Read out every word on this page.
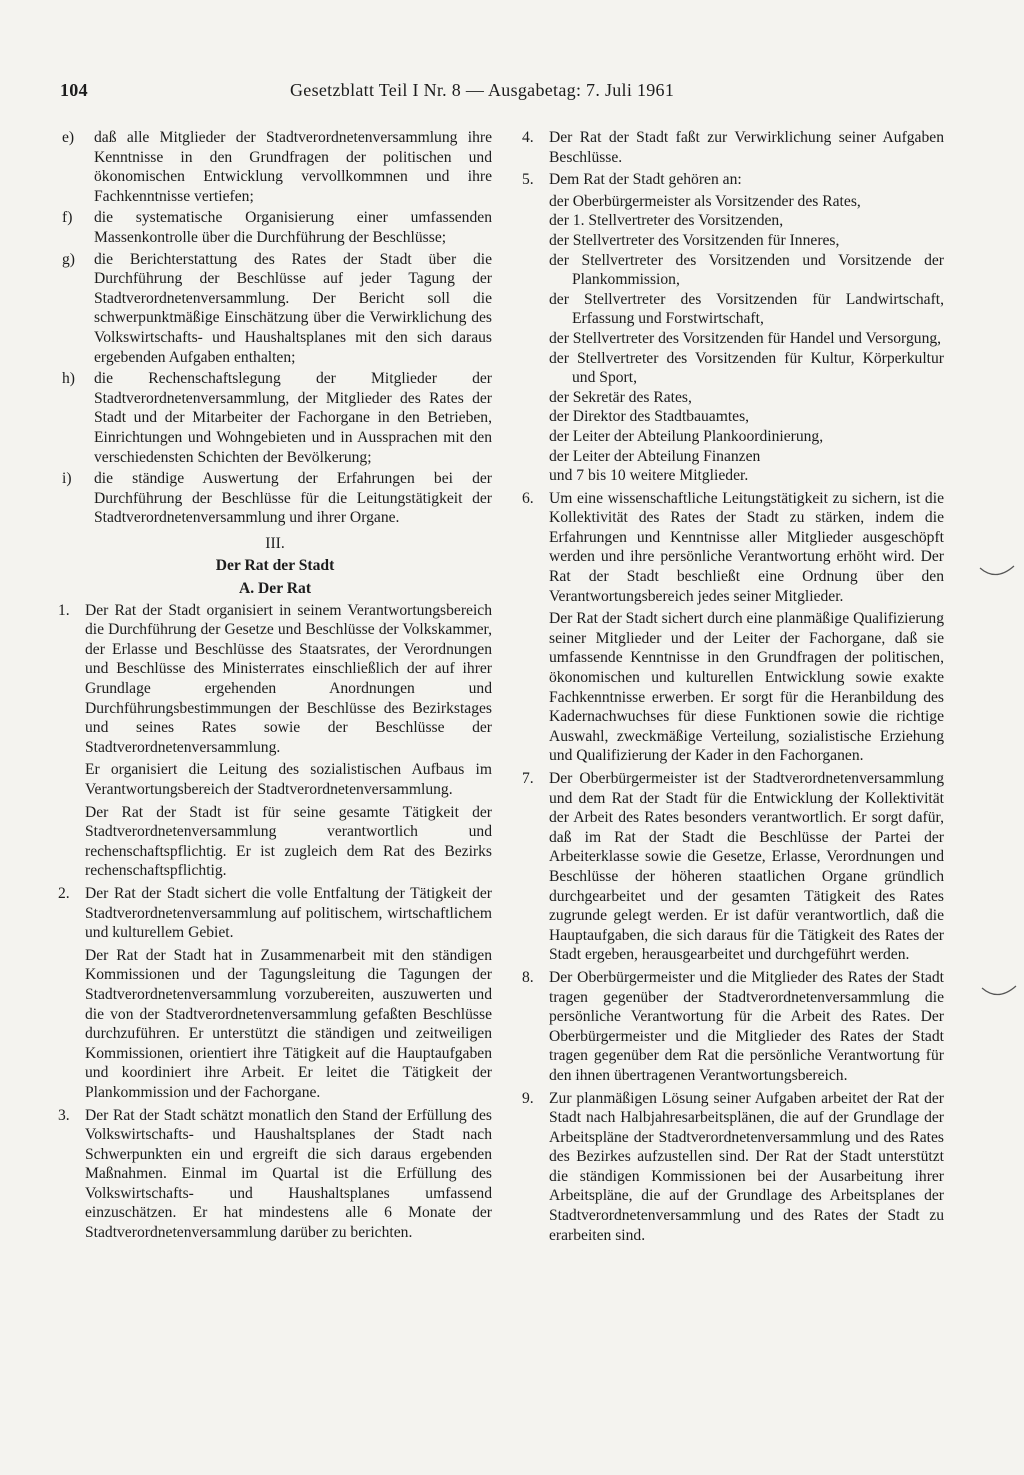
104	Gesetzblatt Teil I Nr. 8 — Ausgabetag: 7. Juli 1961
e)	daß alle Mitglieder der Stadtverordnetenversammlung ihre Kenntnisse in den Grundfragen der politischen und ökonomischen Entwicklung vervollkommnen und ihre Fachkenntnisse vertiefen;
f)	die systematische Organisierung einer umfassenden Massenkontrolle über die Durchführung der Beschlüsse;
g)	die Berichterstattung des Rates der Stadt über die Durchführung der Beschlüsse auf jeder Tagung der Stadtverordnetenversammlung. Der Bericht soll die schwerpunktmäßige Einschätzung über die Verwirklichung des Volkswirtschafts- und Haushaltsplanes mit den sich daraus ergebenden Aufgaben enthalten;
h)	die Rechenschaftslegung der Mitglieder der Stadtverordnetenversammlung, der Mitglieder des Rates der Stadt und der Mitarbeiter der Fachorgane in den Betrieben, Einrichtungen und Wohngebieten und in Aussprachen mit den verschiedensten Schichten der Bevölkerung;
i)	die ständige Auswertung der Erfahrungen bei der Durchführung der Beschlüsse für die Leitungstätigkeit der Stadtverordnetenversammlung und ihrer Organe.
III.
Der Rat der Stadt
A. Der Rat
1. Der Rat der Stadt organisiert in seinem Verantwortungsbereich die Durchführung der Gesetze und Beschlüsse der Volkskammer, der Erlasse und Beschlüsse des Staatsrates, der Verordnungen und Beschlüsse des Ministerrates einschließlich der auf ihrer Grundlage ergehenden Anordnungen und Durchführungsbestimmungen der Beschlüsse des Bezirkstages und seines Rates sowie der Beschlüsse der Stadtverordnetenversammlung.
Er organisiert die Leitung des sozialistischen Aufbaus im Verantwortungsbereich der Stadtverordnetenversammlung.
Der Rat der Stadt ist für seine gesamte Tätigkeit der Stadtverordnetenversammlung verantwortlich und rechenschaftspflichtig. Er ist zugleich dem Rat des Bezirks rechenschaftspflichtig.
2. Der Rat der Stadt sichert die volle Entfaltung der Tätigkeit der Stadtverordnetenversammlung auf politischem, wirtschaftlichem und kulturellem Gebiet.
Der Rat der Stadt hat in Zusammenarbeit mit den ständigen Kommissionen und der Tagungsleitung die Tagungen der Stadtverordnetenversammlung vorzubereiten, auszuwerten und die von der Stadtverordnetenversammlung gefaßten Beschlüsse durchzuführen. Er unterstützt die ständigen und zeitweiligen Kommissionen, orientiert ihre Tätigkeit auf die Hauptaufgaben und koordiniert ihre Arbeit. Er leitet die Tätigkeit der Plankommission und der Fachorgane.
3. Der Rat der Stadt schätzt monatlich den Stand der Erfüllung des Volkswirtschafts- und Haushaltsplanes der Stadt nach Schwerpunkten ein und ergreift die sich daraus ergebenden Maßnahmen. Einmal im Quartal ist die Erfüllung des Volkswirtschafts- und Haushaltsplanes umfassend einzuschätzen. Er hat mindestens alle 6 Monate der Stadtverordnetenversammlung darüber zu berichten.
4. Der Rat der Stadt faßt zur Verwirklichung seiner Aufgaben Beschlüsse.
5. Dem Rat der Stadt gehören an:
der Oberbürgermeister als Vorsitzender des Rates,
der 1. Stellvertreter des Vorsitzenden,
der Stellvertreter des Vorsitzenden für Inneres,
der Stellvertreter des Vorsitzenden und Vorsitzende der Plankommission,
der Stellvertreter des Vorsitzenden für Landwirtschaft, Erfassung und Forstwirtschaft,
der Stellvertreter des Vorsitzenden für Handel und Versorgung,
der Stellvertreter des Vorsitzenden für Kultur, Körperkultur und Sport,
der Sekretär des Rates,
der Direktor des Stadtbauamtes,
der Leiter der Abteilung Plankoordinierung,
der Leiter der Abteilung Finanzen
und 7 bis 10 weitere Mitglieder.
6. Um eine wissenschaftliche Leitungstätigkeit zu sichern, ist die Kollektivität des Rates der Stadt zu stärken, indem die Erfahrungen und Kenntnisse aller Mitglieder ausgeschöpft werden und ihre persönliche Verantwortung erhöht wird. Der Rat der Stadt beschließt eine Ordnung über den Verantwortungsbereich jedes seiner Mitglieder.
Der Rat der Stadt sichert durch eine planmäßige Qualifizierung seiner Mitglieder und der Leiter der Fachorgane, daß sie umfassende Kenntnisse in den Grundfragen der politischen, ökonomischen und kulturellen Entwicklung sowie exakte Fachkenntnisse erwerben. Er sorgt für die Heranbildung des Kadernachwuchses für diese Funktionen sowie die richtige Auswahl, zweckmäßige Verteilung, sozialistische Erziehung und Qualifizierung der Kader in den Fachorganen.
7. Der Oberbürgermeister ist der Stadtverordnetenversammlung und dem Rat der Stadt für die Entwicklung der Kollektivität der Arbeit des Rates besonders verantwortlich. Er sorgt dafür, daß im Rat der Stadt die Beschlüsse der Partei der Arbeiterklasse sowie die Gesetze, Erlasse, Verordnungen und Beschlüsse der höheren staatlichen Organe gründlich durchgearbeitet und der gesamten Tätigkeit des Rates zugrunde gelegt werden. Er ist dafür verantwortlich, daß die Hauptaufgaben, die sich daraus für die Tätigkeit des Rates der Stadt ergeben, herausgearbeitet und durchgeführt werden.
8. Der Oberbürgermeister und die Mitglieder des Rates der Stadt tragen gegenüber der Stadtverordnetenversammlung die persönliche Verantwortung für die Arbeit des Rates. Der Oberbürgermeister und die Mitglieder des Rates der Stadt tragen gegenüber dem Rat die persönliche Verantwortung für den ihnen übertragenen Verantwortungsbereich.
9. Zur planmäßigen Lösung seiner Aufgaben arbeitet der Rat der Stadt nach Halbjahresarbeitsplänen, die auf der Grundlage der Arbeitspläne der Stadtverordnetenversammlung und des Rates des Bezirkes aufzustellen sind. Der Rat der Stadt unterstützt die ständigen Kommissionen bei der Ausarbeitung ihrer Arbeitspläne, die auf der Grundlage des Arbeitsplanes der Stadtverordnetenversammlung und des Rates der Stadt zu erarbeiten sind.
